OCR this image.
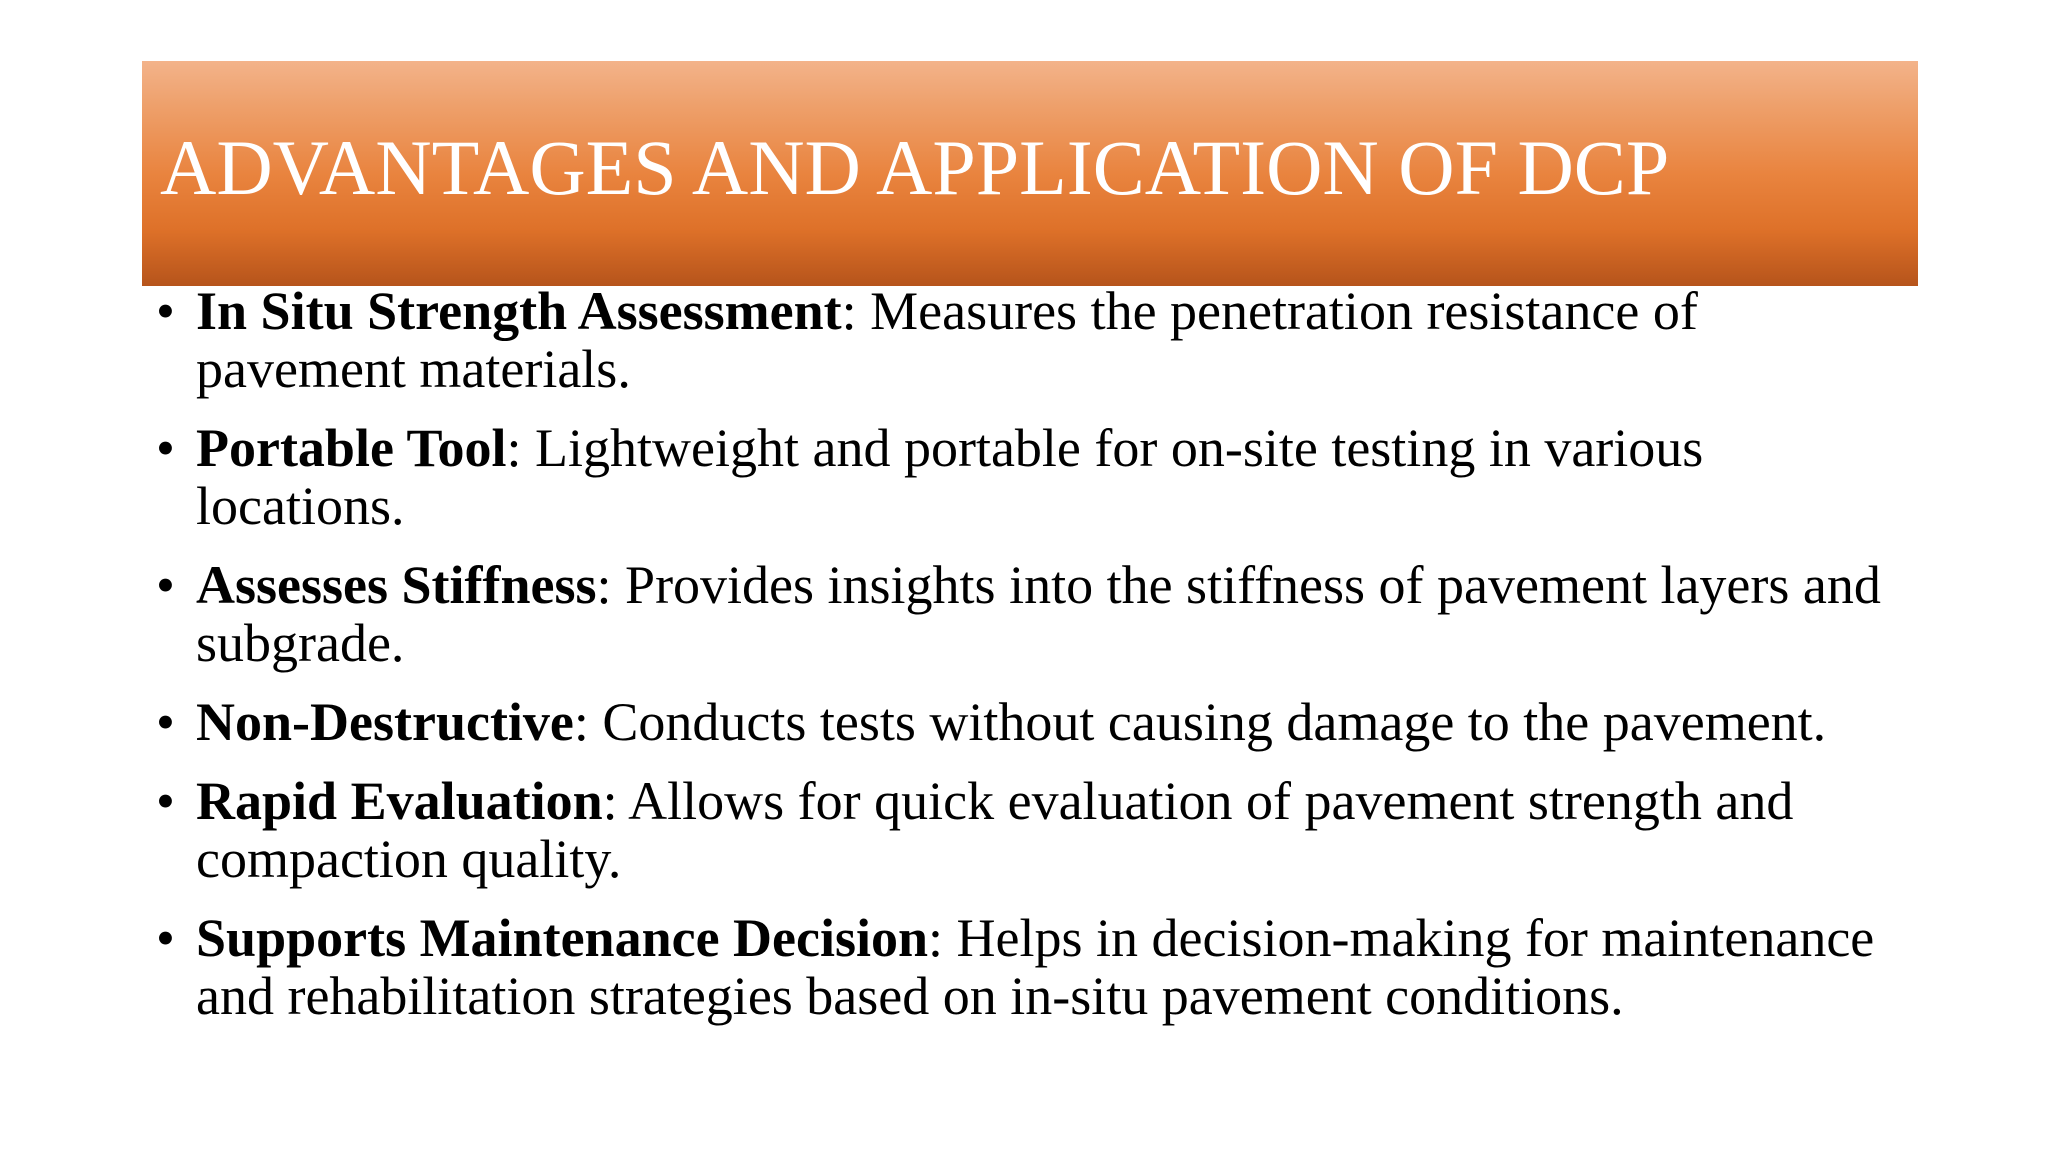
ADVANTAGES AND APPLICATION OF DCP
• In Situ Strength Assessment: Measures the penetration resistance of pavement materials.
• Portable Tool: Lightweight and portable for on-site testing in various locations.
• Assesses Stiffness: Provides insights into the stiffness of pavement layers and subgrade.
• Non-Destructive: Conducts tests without causing damage to the pavement.
• Rapid Evaluation: Allows for quick evaluation of pavement strength and compaction quality.
• Supports Maintenance Decision: Helps in decision-making for maintenance and rehabilitation strategies based on in-situ pavement conditions.
